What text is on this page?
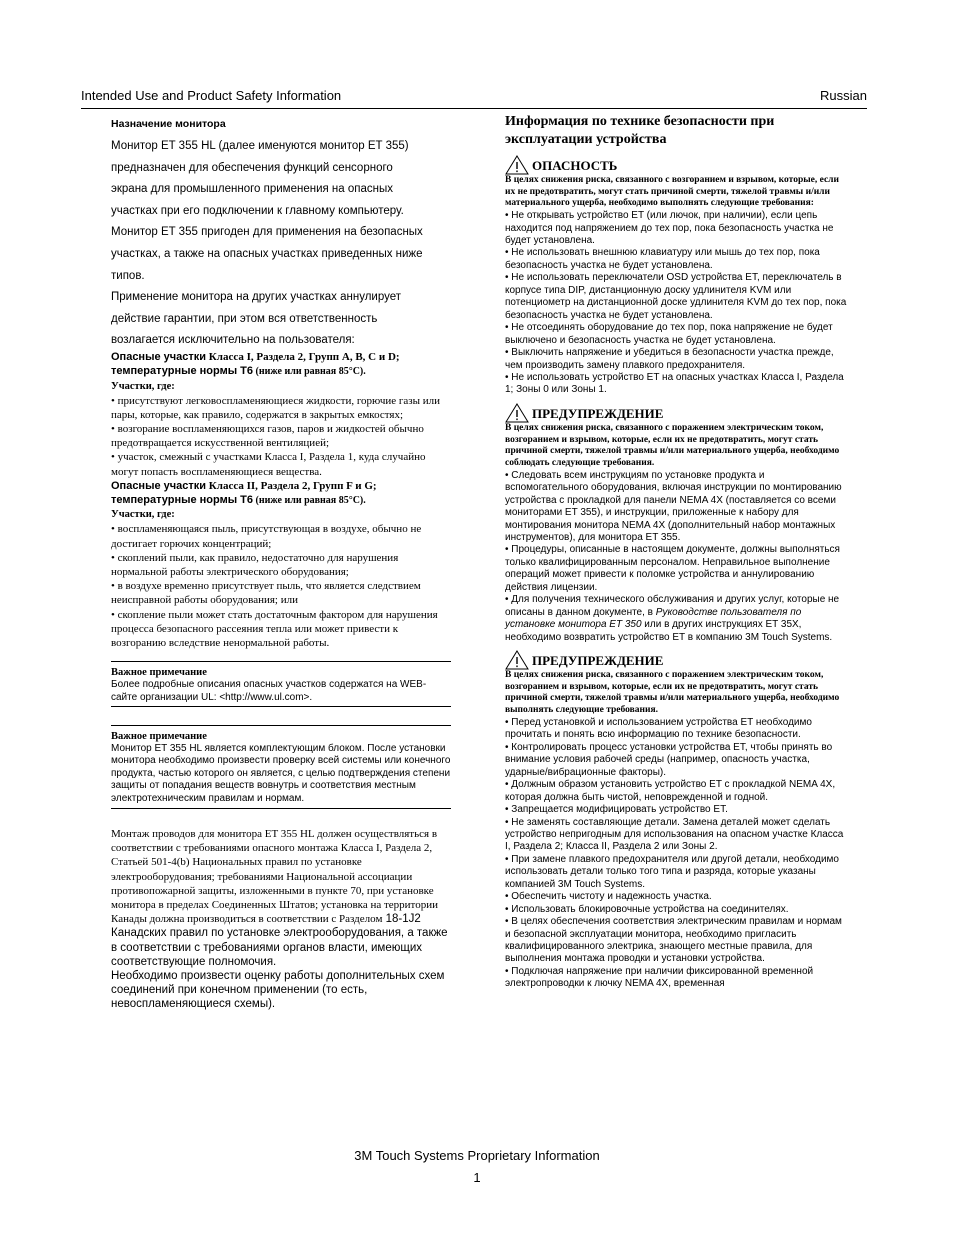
Intended Use and Product Safety Information	Russian
Назначение монитора

Монитор ET 355 HL (далее именуются монитор ET 355)

предназначен для обеспечения функций сенсорного

экрана для промышленного применения на опасных

участках при его подключении к главному компьютеру.

Монитор ET 355 пригоден для применения на безопасных

участках, а также на опасных участках приведенных ниже

типов.

Применение монитора на других участках аннулирует

действие гарантии, при этом вся ответственность

возлагается исключительно на пользователя:

Опасные участки Класса I, Раздела 2, Групп A, B, C и D;
температурные нормы T6 (ниже или равная 85°C).
Участки, где:

• присутствуют легковоспламеняющиеся жидкости, горючие газы или пары, которые, как правило, содержатся в закрытых емкостях;

• возгорание воспламеняющихся газов, паров и жидкостей обычно предотвращается искусственной вентиляцией;

• участок, смежный с участками Класса I, Раздела 1, куда случайно могут попасть воспламеняющиеся вещества.

Опасные участки Класса II, Раздела 2, Групп F и G;
температурные нормы T6 (ниже или равная 85°C).
Участки, где:

• воспламеняющаяся пыль, присутствующая в воздухе, обычно не достигает горючих концентраций;

• скоплений пыли, как правило, недостаточно для нарушения нормальной работы электрического оборудования;

• в воздухе временно присутствует пыль, что является следствием неисправной работы оборудования; или

• скопление пыли может стать достаточным фактором для нарушения процесса безопасного рассеяния тепла или может привести к возгоранию вследствие ненормальной работы.

Важное примечание
Более подробные описания опасных участков содержатся на WEB-сайте организации UL: <http://www.ul.com>.
Важное примечание
Монитор ET 355 HL является комплектующим блоком. После установки монитора необходимо произвести проверку всей системы или конечного продукта, частью которого он является, с целью подтверждения степени защиты от попадания веществ вовнутрь и соответствия местным электротехническим правилам и нормам.
Монтаж проводов для монитора ET 355 HL должен осуществляться в соответствии с требованиями опасного монтажа Класса I, Раздела 2, Статьей 501-4(b) Национальных правил по установке электрооборудования; требованиями Национальной ассоциации противопожарной защиты, изложенными в пункте 70, при установке монитора в пределах Соединенных Штатов; установка на территории Канады должна производиться в соответствии с Разделом 18-1J2 Канадских правил по установке электрооборудования, а также в соответствии с требованиями органов власти, имеющих соответствующие полномочия.
Необходимо произвести оценку работы дополнительных схем соединений при конечном применении (то есть, невоспламеняющиеся схемы).

Информация по технике безопасности при эксплуатации устройства

ОПАСНОСТЬ

В целях снижения риска, связанного с возгоранием и взрывом, которые, если их не предотвратить, могут стать причиной смерти, тяжелой травмы и/или материального ущерба, необходимо выполнять следующие требования:

• Не открывать устройство ET (или лючок, при наличии), если цепь находится под напряжением до тех пор, пока безопасность участка не будет установлена.

• Не использовать внешнюю клавиатуру или мышь до тех пор, пока безопасность участка не будет установлена.

• Не использовать переключатели OSD устройства ET, переключатель в корпусе типа DIP, дистанционную доску удлинителя KVM или потенциометр на дистанционной доске удлинителя KVM до тех пор, пока безопасность участка не будет установлена.

• Не отсоединять оборудование до тех пор, пока напряжение не будет выключено и безопасность участка не будет установлена.

• Выключить напряжение и убедиться в безопасности участка прежде, чем производить замену плавкого предохранителя.

• Не использовать устройство ET на опасных участках Класса I, Раздела 1; Зоны 0 или Зоны 1.

ПРЕДУПРЕЖДЕНИЕ

В целях снижения риска, связанного с поражением электрическим током, возгоранием и взрывом, которые, если их не предотвратить, могут стать причиной смерти, тяжелой травмы и/или материального ущерба, необходимо соблюдать следующие требования.

• Следовать всем инструкциям по установке продукта и вспомогательного оборудования, включая инструкции по монтированию устройства с прокладкой для панели NEMA 4X (поставляется со всеми мониторами ET 355), и инструкции, приложенные к набору для монтирования монитора NEMA 4X (дополнительный набор монтажных инструментов), для монитора ET 355.

• Процедуры, описанные в настоящем документе, должны выполняться только квалифицированным персоналом. Неправильное выполнение операций может привести к поломке устройства и аннулированию действия лицензии.

• Для получения технического обслуживания и других услуг, которые не описаны в данном документе, в Руководстве пользователя по установке монитора ET 350 или в других инструкциях ET 35X, необходимо возвратить устройство ET в компанию 3M Touch Systems.

ПРЕДУПРЕЖДЕНИЕ

В целях снижения риска, связанного с поражением электрическим током, возгоранием и взрывом, которые, если их не предотвратить, могут стать причиной смерти, тяжелой травмы и/или материального ущерба, необходимо выполнять следующие требования.

• Перед установкой и использованием устройства ET необходимо прочитать и понять всю информацию по технике безопасности.

• Контролировать процесс установки устройства ET, чтобы принять во внимание условия рабочей среды (например, опасность участка, ударные/вибрационные факторы).

• Должным образом установить устройство ET с прокладкой NEMA 4X, которая должна быть чистой, неповрежденной и годной.

• Запрещается модифицировать устройство ET.

• Не заменять составляющие детали. Замена деталей может сделать устройство непригодным для использования на опасном участке Класса I, Раздела 2; Класса II, Раздела 2 или Зоны 2.

• При замене плавкого предохранителя или другой детали, необходимо использовать детали только того типа и разряда, которые указаны компанией 3M Touch Systems.

• Обеспечить чистоту и надежность участка.

• Использовать блокировочные устройства на соединителях.

• В целях обеспечения соответствия электрическим правилам и нормам и безопасной эксплуатации монитора, необходимо пригласить квалифицированного электрика, знающего местные правила, для выполнения монтажа проводки и установки устройства.

• Подключая напряжение при наличии фиксированной временной электропроводки к лючку NEMA 4X, временная

3M Touch Systems Proprietary Information
1
